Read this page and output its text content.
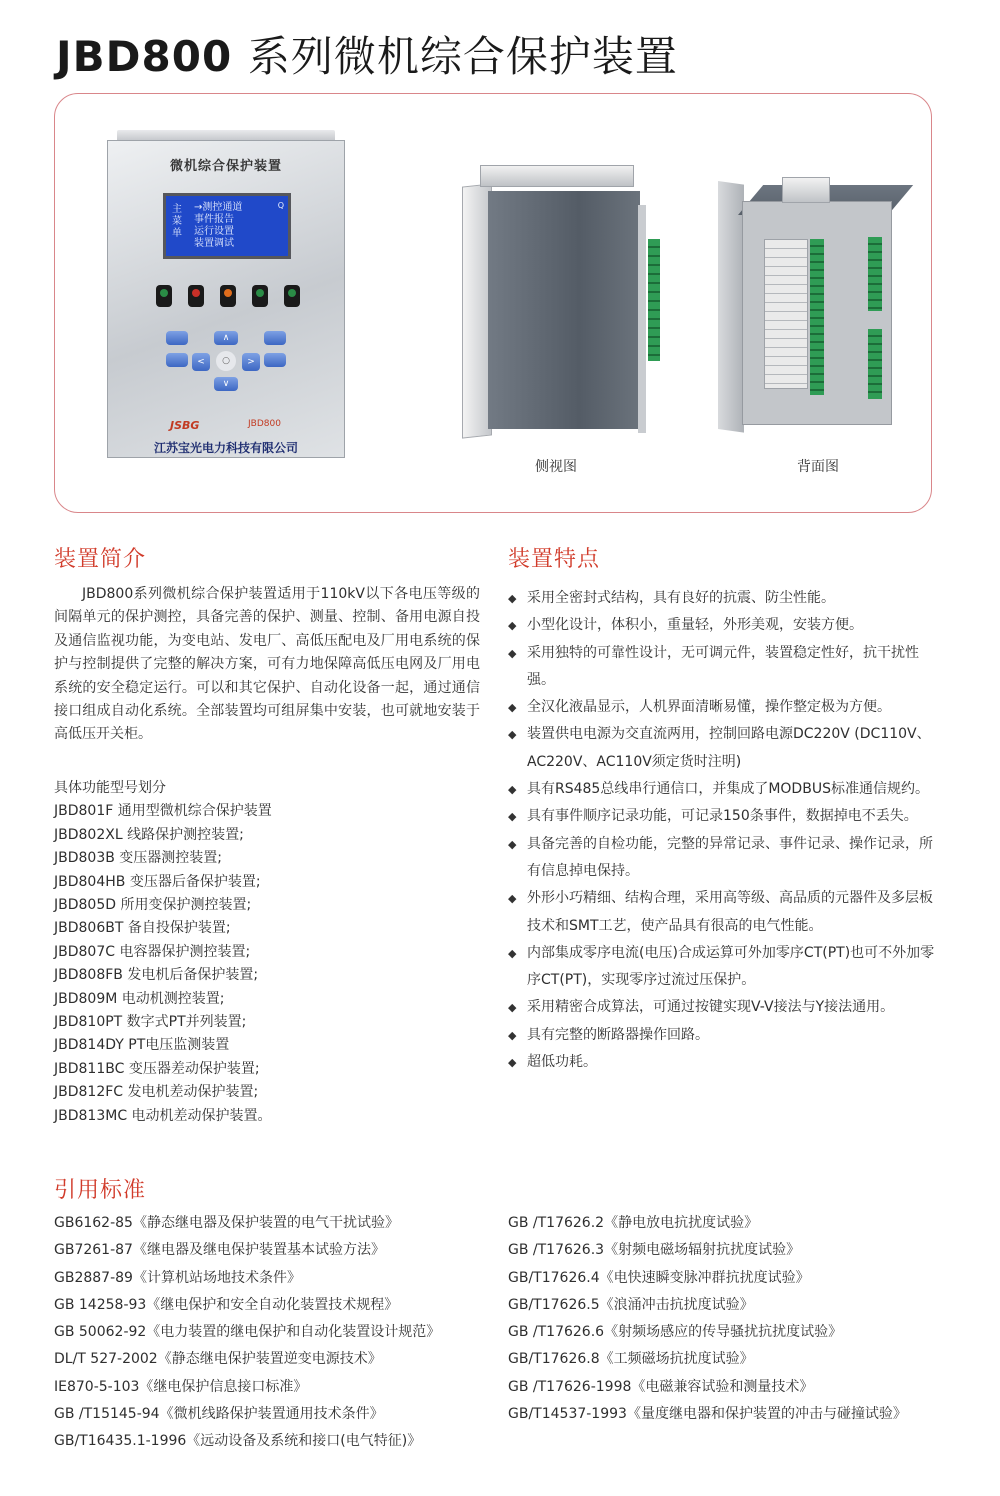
JBD800 系列微机综合保护装置
微机综合保护装置
主菜单
→测控通道
事件报告
运行设置
装置调试
Q
∧
<	○	>
∨
JSBG	JBD800
江苏宝光电力科技有限公司
侧视图	背面图
装置简介

JBD800系列微机综合保护装置适用于110kV以下各电压等级的间隔单元的保护测控，具备完善的保护、测量、控制、备用电源自投及通信监视功能，为变电站、发电厂、高低压配电及厂用电系统的保护与控制提供了完整的解决方案，可有力地保障高低压电网及厂用电系统的安全稳定运行。可以和其它保护、自动化设备一起，通过通信接口组成自动化系统。全部装置均可组屏集中安装，也可就地安装于高低压开关柜。

具体功能型号划分
JBD801F 通用型微机综合保护装置
JBD802XL 线路保护测控装置;
JBD803B 变压器测控装置;
JBD804HB 变压器后备保护装置;
JBD805D 所用变保护测控装置;
JBD806BT 备自投保护装置;
JBD807C 电容器保护测控装置;
JBD808FB 发电机后备保护装置;
JBD809M 电动机测控装置;
JBD810PT 数字式PT并列装置;
JBD814DY PT电压监测装置
JBD811BC 变压器差动保护装置;
JBD812FC 发电机差动保护装置;
JBD813MC 电动机差动保护装置。
装置特点
◆ 采用全密封式结构，具有良好的抗震、防尘性能。
◆ 小型化设计，体积小，重量轻，外形美观，安装方便。
◆ 采用独特的可靠性设计，无可调元件，装置稳定性好，抗干扰性强。
◆ 全汉化液晶显示，人机界面清晰易懂，操作整定极为方便。
◆ 装置供电电源为交直流两用，控制回路电源DC220V (DC110V、AC220V、AC110V须定货时注明)
◆ 具有RS485总线串行通信口，并集成了MODBUS标准通信规约。
◆ 具有事件顺序记录功能，可记录150条事件，数据掉电不丢失。
◆ 具备完善的自检功能，完整的异常记录、事件记录、操作记录，所有信息掉电保持。
◆ 外形小巧精细、结构合理，采用高等级、高品质的元器件及多层板技术和SMT工艺，使产品具有很高的电气性能。
◆ 内部集成零序电流(电压)合成运算可外加零序CT(PT)也可不外加零序CT(PT)，实现零序过流过压保护。
◆ 采用精密合成算法，可通过按键实现V-V接法与Y接法通用。
◆ 具有完整的断路器操作回路。
◆ 超低功耗。
引用标准
GB6162-85《静态继电器及保护装置的电气干扰试验》
GB7261-87《继电器及继电保护装置基本试验方法》
GB2887-89《计算机站场地技术条件》
GB 14258-93《继电保护和安全自动化装置技术规程》
GB 50062-92《电力装置的继电保护和自动化装置设计规范》
DL/T 527-2002《静态继电保护装置逆变电源技术》
IE870-5-103《继电保护信息接口标准》
GB /T15145-94《微机线路保护装置通用技术条件》
GB/T16435.1-1996《远动设备及系统和接口(电气特征)》
GB /T17626.2《静电放电抗扰度试验》
GB /T17626.3《射频电磁场辐射抗扰度试验》
GB/T17626.4《电快速瞬变脉冲群抗扰度试验》
GB/T17626.5《浪涌冲击抗扰度试验》
GB /T17626.6《射频场感应的传导骚扰抗扰度试验》
GB/T17626.8《工频磁场抗扰度试验》
GB /T17626-1998《电磁兼容试验和测量技术》
GB/T14537-1993《量度继电器和保护装置的冲击与碰撞试验》
